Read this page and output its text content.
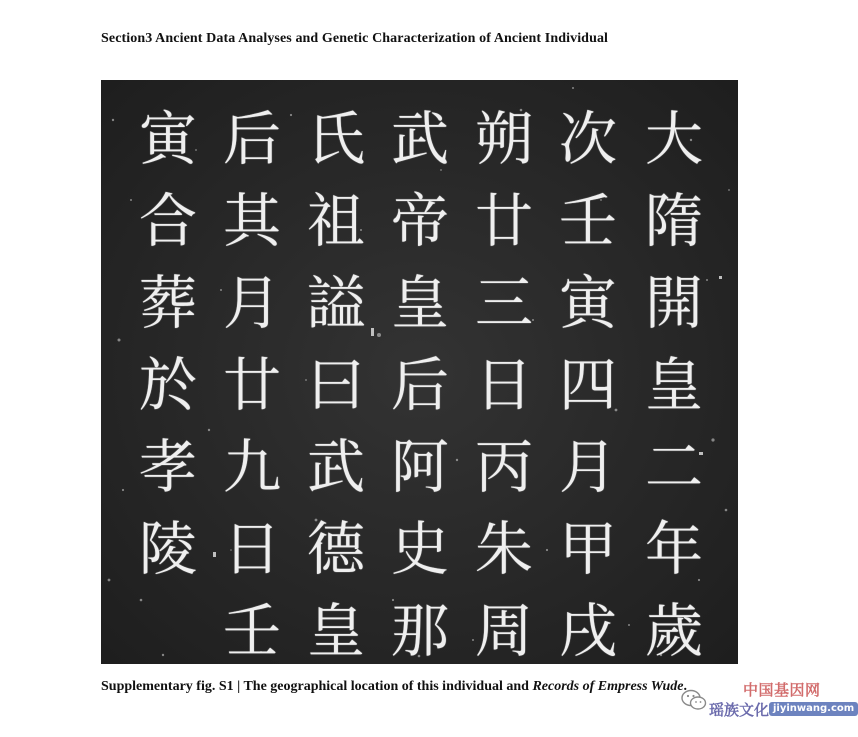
Section3 Ancient Data Analyses and Genetic Characterization of Ancient Individual
大
隋
開
皇
二
年
歲
次
壬
寅
四
月
甲
戌
朔
廿
三
日
丙
朱
周
武
帝
皇
后
阿
史
那
氏
祖
謚
曰
武
德
皇
后
其
月
廿
九
日
壬
寅
合
葬
於
孝
陵

Supplementary fig. S1 | The geographical location of this individual and Records of Empress Wude.	中国基因网
瑶族文化 jiyinwang.com
